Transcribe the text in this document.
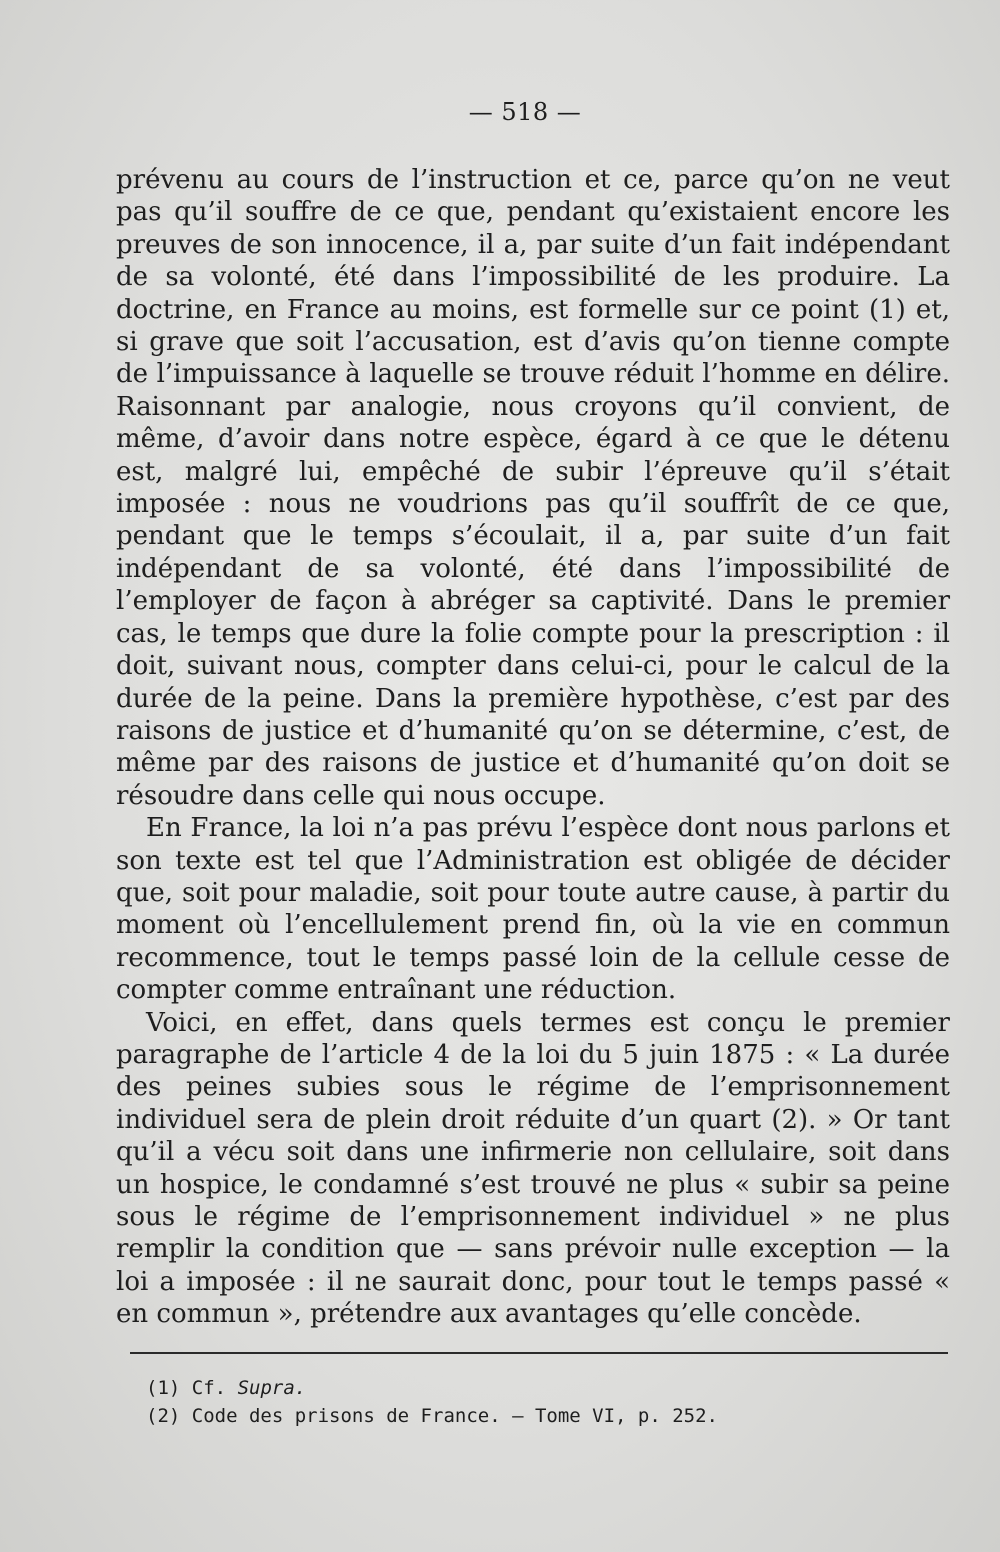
— 518 —

prévenu au cours de l’instruction et ce, parce qu’on ne veut pas qu’il souffre de ce que, pendant qu’existaient encore les preuves de son innocence, il a, par suite d’un fait indépendant de sa volonté, été dans l’impossibilité de les produire. La doctrine, en France au moins, est formelle sur ce point (1) et, si grave que soit l’accusation, est d’avis qu’on tienne compte de l’impuissance à laquelle se trouve réduit l’homme en délire. Raisonnant par analogie, nous croyons qu’il convient, de même, d’avoir dans notre espèce, égard à ce que le détenu est, malgré lui, empêché de subir l’épreuve qu’il s’était imposée : nous ne voudrions pas qu’il souffrît de ce que, pendant que le temps s’écoulait, il a, par suite d’un fait indépendant de sa volonté, été dans l’impossibilité de l’employer de façon à abréger sa captivité. Dans le premier cas, le temps que dure la folie compte pour la prescription : il doit, suivant nous, compter dans celui-ci, pour le calcul de la durée de la peine. Dans la première hypothèse, c’est par des raisons de justice et d’humanité qu’on se détermine, c’est, de même par des raisons de justice et d’humanité qu’on doit se résoudre dans celle qui nous occupe.

En France, la loi n’a pas prévu l’espèce dont nous parlons et son texte est tel que l’Administration est obligée de décider que, soit pour maladie, soit pour toute autre cause, à partir du moment où l’encellulement prend fin, où la vie en commun recommence, tout le temps passé loin de la cellule cesse de compter comme entraînant une réduction.

Voici, en effet, dans quels termes est conçu le premier paragraphe de l’article 4 de la loi du 5 juin 1875 : « La durée des peines subies sous le régime de l’emprisonnement individuel sera de plein droit réduite d’un quart (2). » Or tant qu’il a vécu soit dans une infirmerie non cellulaire, soit dans un hospice, le condamné s’est trouvé ne plus « subir sa peine sous le régime de l’emprisonnement individuel » ne plus remplir la condition que — sans prévoir nulle exception — la loi a imposée : il ne saurait donc, pour tout le temps passé « en commun », prétendre aux avantages qu’elle concède.

(1) Cf. Supra.
(2) Code des prisons de France. — Tome VI, p. 252.
